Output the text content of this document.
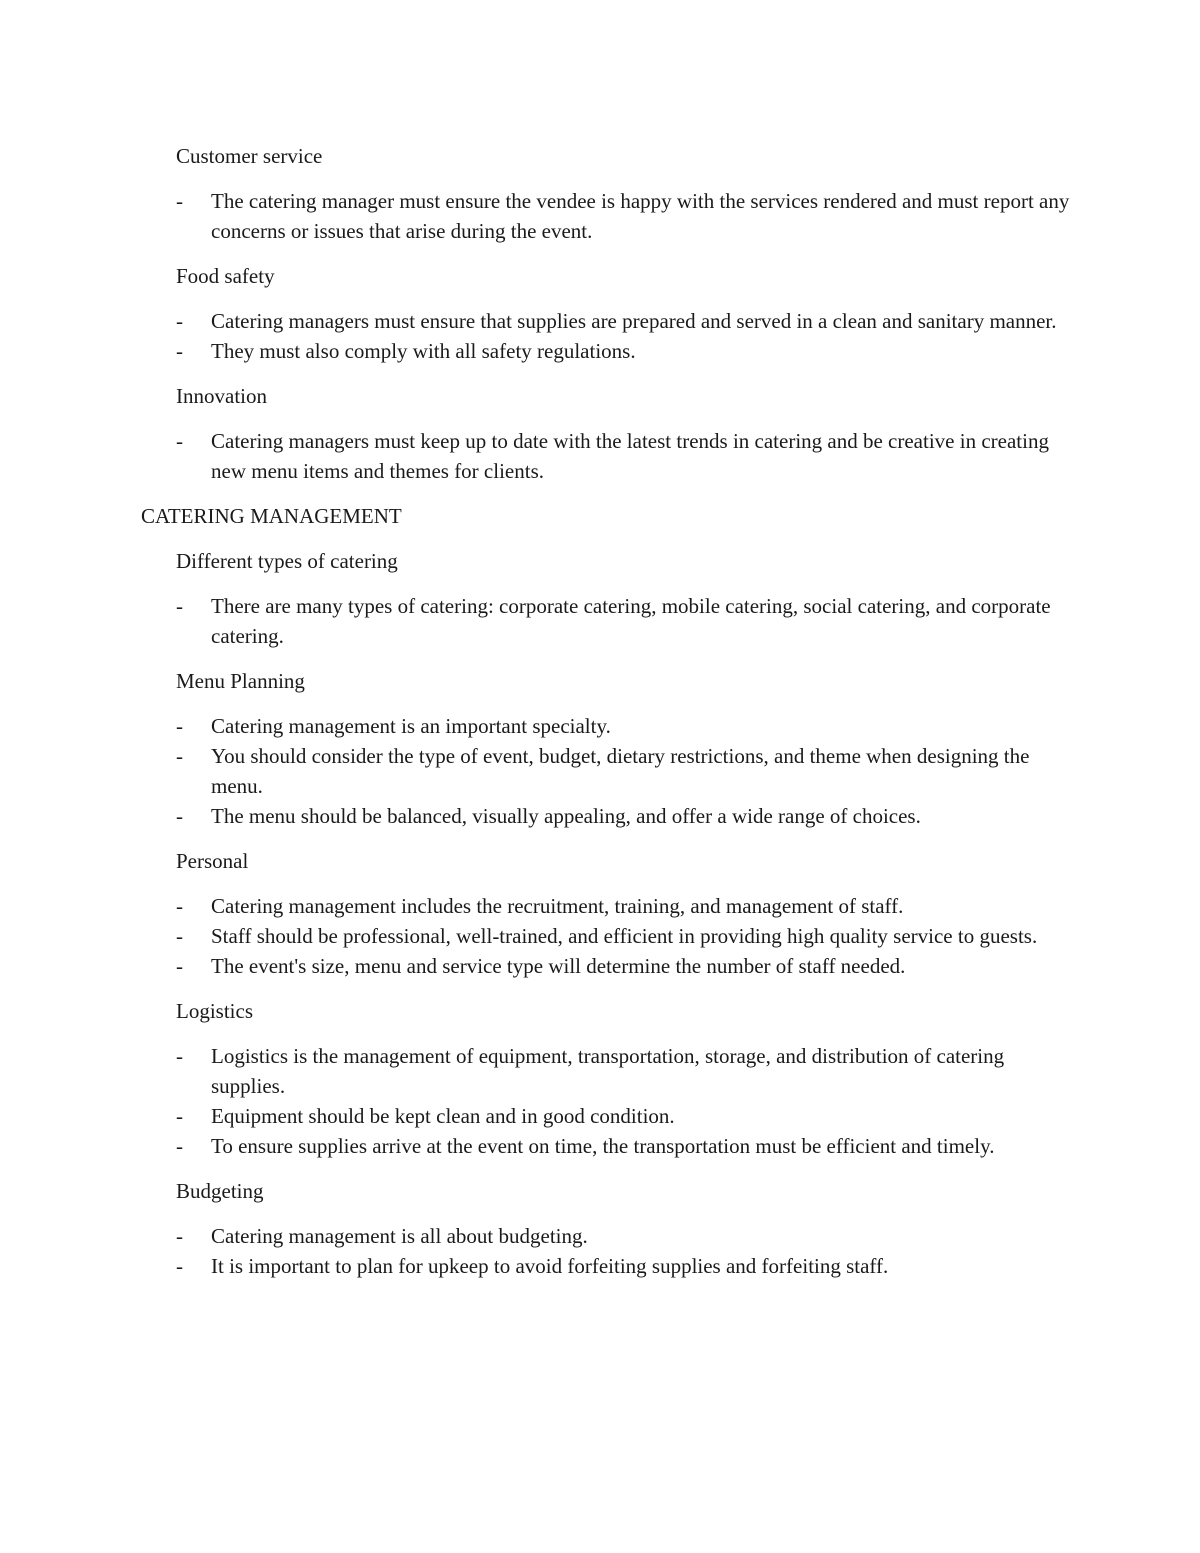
Customer service
- The catering manager must ensure the vendee is happy with the services rendered and must report any concerns or issues that arise during the event.
Food safety
- Catering managers must ensure that supplies are prepared and served in a clean and sanitary manner.
- They must also comply with all safety regulations.
Innovation
- Catering managers must keep up to date with the latest trends in catering and be creative in creating new menu items and themes for clients.
CATERING MANAGEMENT
Different types of catering
- There are many types of catering: corporate catering, mobile catering, social catering, and corporate catering.
Menu Planning
- Catering management is an important specialty.
- You should consider the type of event, budget, dietary restrictions, and theme when designing the menu.
- The menu should be balanced, visually appealing, and offer a wide range of choices.
Personal
- Catering management includes the recruitment, training, and management of staff.
- Staff should be professional, well-trained, and efficient in providing high quality service to guests.
- The event's size, menu and service type will determine the number of staff needed.
Logistics
- Logistics is the management of equipment, transportation, storage, and distribution of catering supplies.
- Equipment should be kept clean and in good condition.
- To ensure supplies arrive at the event on time, the transportation must be efficient and timely.
Budgeting
- Catering management is all about budgeting.
- It is important to plan for upkeep to avoid forfeiting supplies and forfeiting staff.
